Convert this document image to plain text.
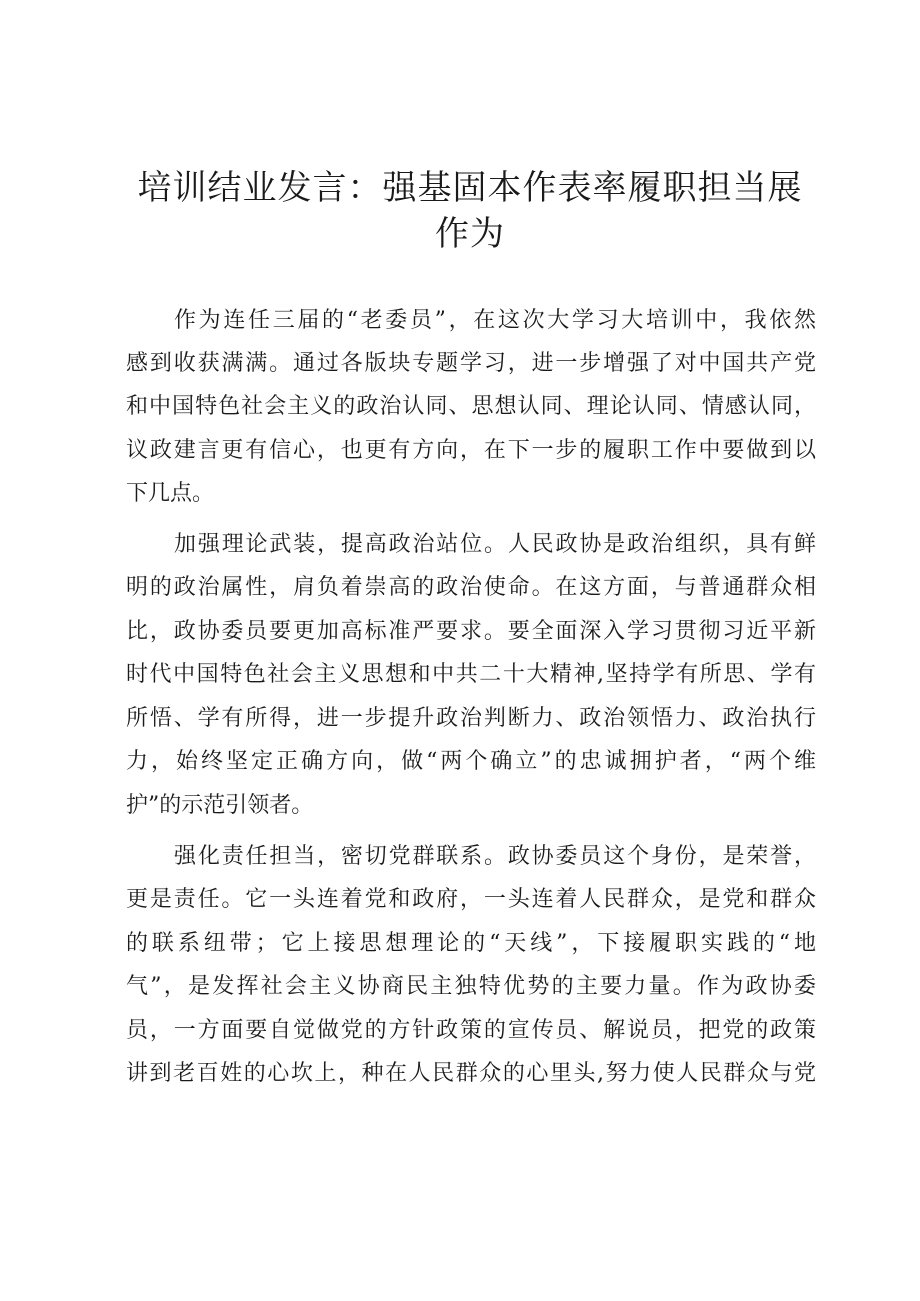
培训结业发言：强基固本作表率履职担当展
作为

作为连任三届的“老委员”，在这次大学习大培训中，我依然

感到收获满满。通过各版块专题学习，进一步增强了对中国共产党

和中国特色社会主义的政治认同、思想认同、理论认同、情感认同，

议政建言更有信心，也更有方向，在下一步的履职工作中要做到以

下几点。

加强理论武装，提高政治站位。人民政协是政治组织，具有鲜

明的政治属性，肩负着崇高的政治使命。在这方面，与普通群众相

比，政协委员要更加高标准严要求。要全面深入学习贯彻习近平新

时代中国特色社会主义思想和中共二十大精神,坚持学有所思、学有

所悟、学有所得，进一步提升政治判断力、政治领悟力、政治执行

力，始终坚定正确方向，做“两个确立”的忠诚拥护者，“两个维

护”的示范引领者。

强化责任担当，密切党群联系。政协委员这个身份，是荣誉，

更是责任。它一头连着党和政府，一头连着人民群众，是党和群众

的联系纽带；它上接思想理论的“天线”，下接履职实践的“地

气”，是发挥社会主义协商民主独特优势的主要力量。作为政协委

员，一方面要自觉做党的方针政策的宣传员、解说员，把党的政策

讲到老百姓的心坎上，种在人民群众的心里头,努力使人民群众与党
